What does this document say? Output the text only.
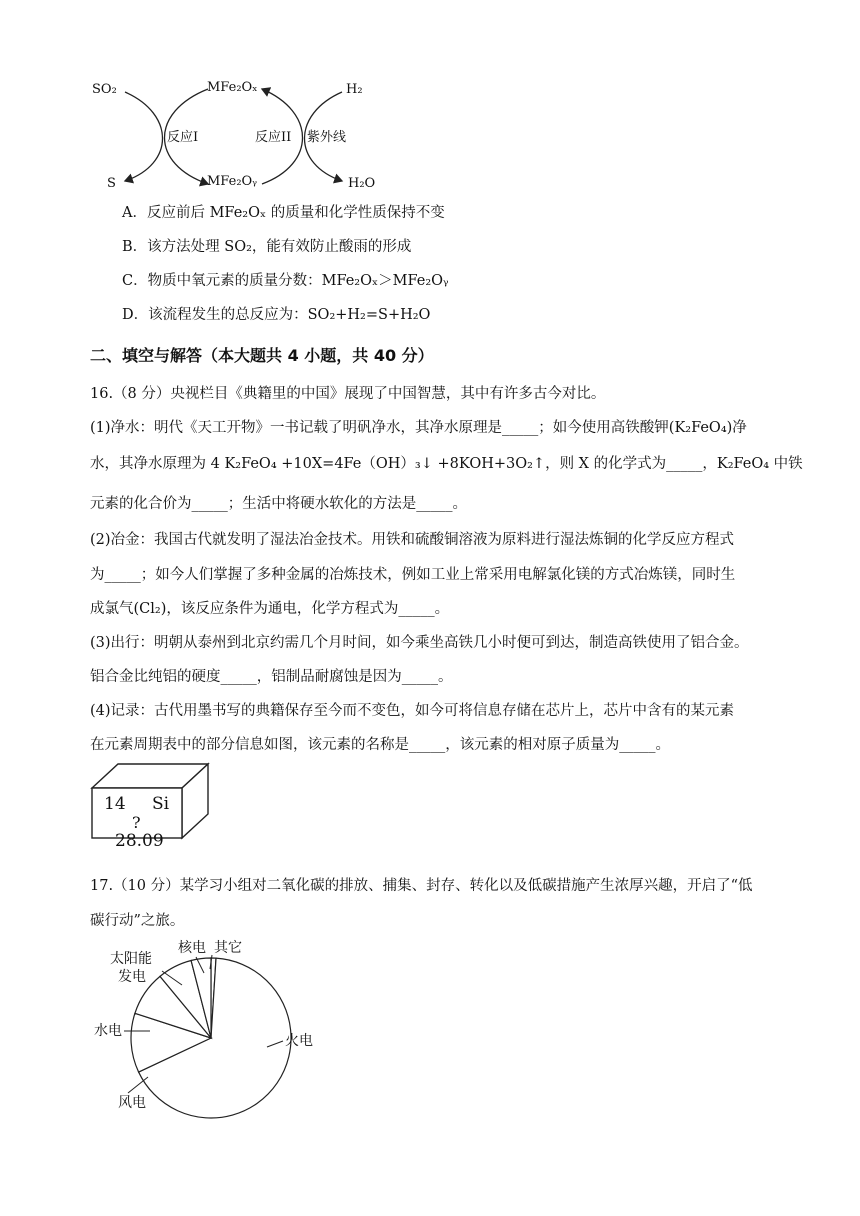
SO₂	MFe₂Oₓ	H₂
反应I	反应II 紫外线
S	MFe₂Oᵧ	H₂O
A．反应前后 MFe₂Oₓ 的质量和化学性质保持不变
B．该方法处理 SO₂，能有效防止酸雨的形成
C．物质中氧元素的质量分数：MFe₂Oₓ＞MFe₂Oᵧ
D．该流程发生的总反应为：SO₂+H₂=S+H₂O
二、填空与解答（本大题共 4 小题，共 40 分）
16.（8 分）央视栏目《典籍里的中国》展现了中国智慧，其中有许多古今对比。
(1)净水：明代《天工开物》一书记载了明矾净水，其净水原理是_____；如今使用高铁酸钾(K₂FeO₄)净
水，其净水原理为 4 K₂FeO₄ +10X=4Fe（OH）₃↓ +8KOH+3O₂↑，则 X 的化学式为_____，K₂FeO₄ 中铁
元素的化合价为_____；生活中将硬水软化的方法是_____。
(2)冶金：我国古代就发明了湿法冶金技术。用铁和硫酸铜溶液为原料进行湿法炼铜的化学反应方程式
为_____；如今人们掌握了多种金属的冶炼技术，例如工业上常采用电解氯化镁的方式冶炼镁，同时生
成氯气(Cl₂)，该反应条件为通电，化学方程式为_____。
(3)出行：明朝从泰州到北京约需几个月时间，如今乘坐高铁几小时便可到达，制造高铁使用了铝合金。
铝合金比纯铝的硬度_____，铝制品耐腐蚀是因为_____。
(4)记录：古代用墨书写的典籍保存至今而不变色，如今可将信息存储在芯片上，芯片中含有的某元素
在元素周期表中的部分信息如图，该元素的名称是_____，该元素的相对原子质量为_____。
14 Si
?
28.09
17.（10 分）某学习小组对二氧化碳的排放、捕集、封存、转化以及低碳措施产生浓厚兴趣，开启了“低
碳行动”之旅。
火电
风电
水电
太阳能发电
核电 其它
